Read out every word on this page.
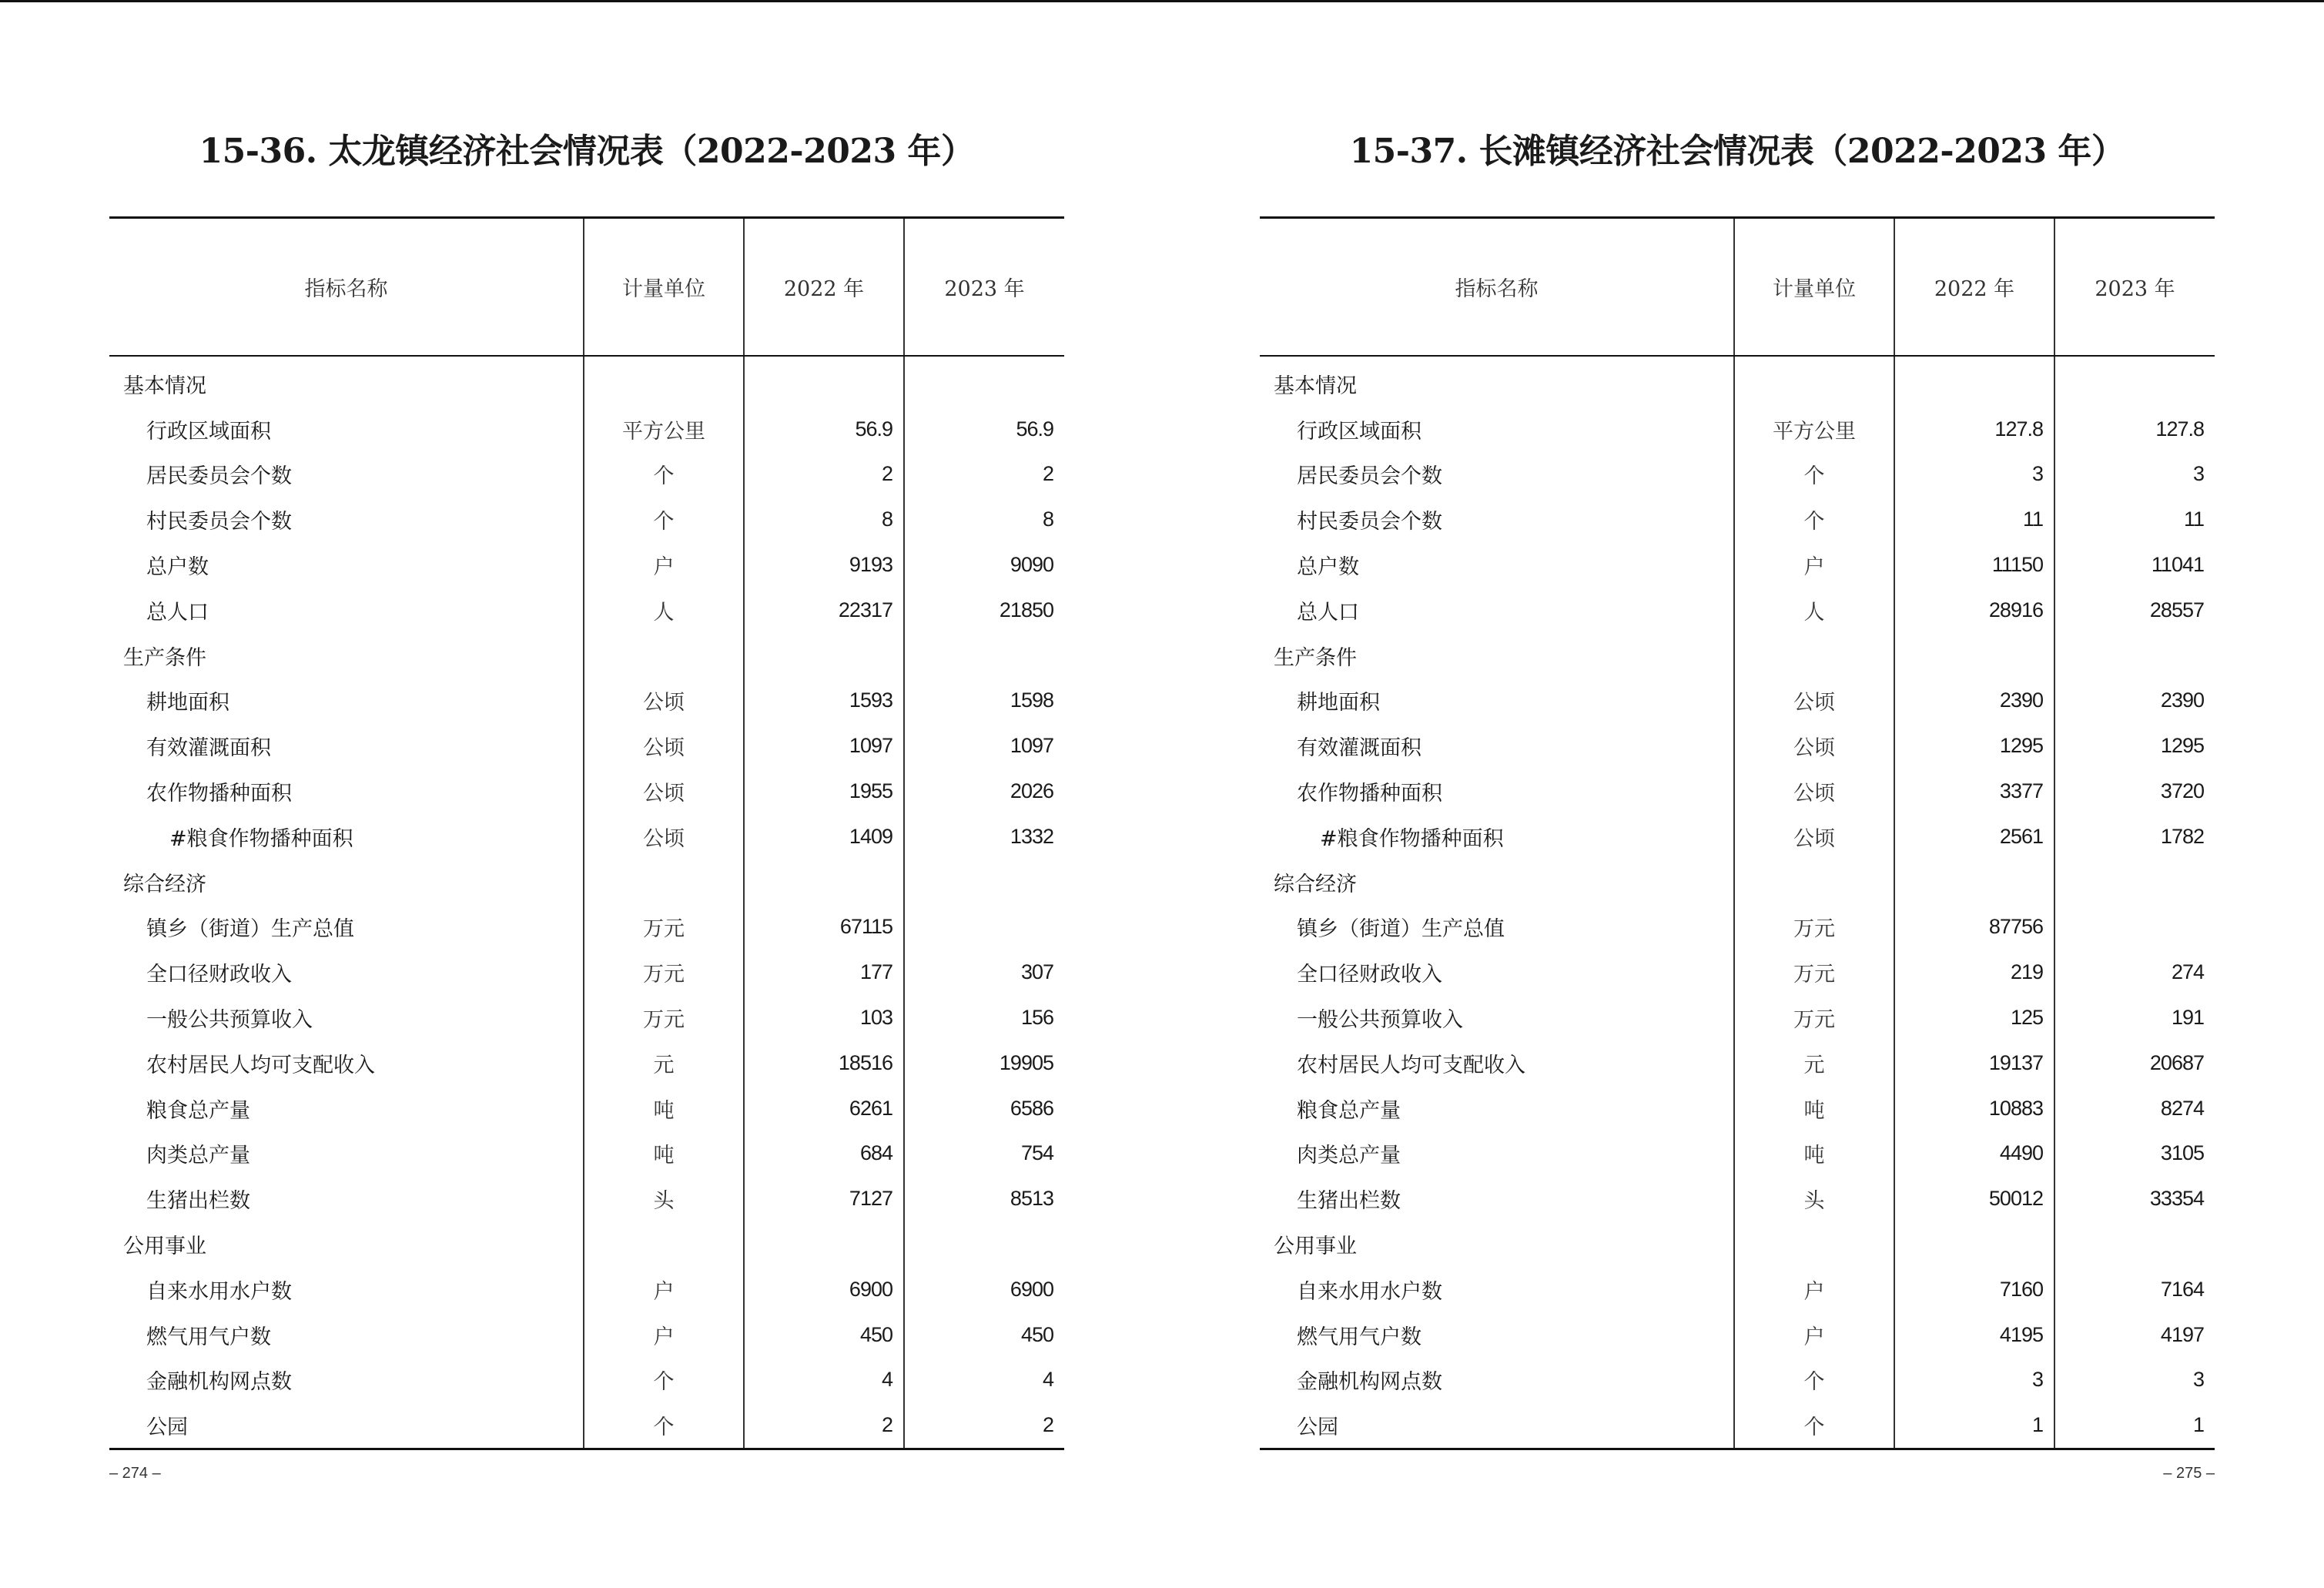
15-36. 太龙镇经济社会情况表（2022-2023 年）
指标名称	计量单位	2022 年	2023 年
基本情况			
行政区域面积	平方公里	56.9	56.9
居民委员会个数	个	2	2
村民委员会个数	个	8	8
总户数	户	9193	9090
总人口	人	22317	21850
生产条件			
耕地面积	公顷	1593	1598
有效灌溉面积	公顷	1097	1097
农作物播种面积	公顷	1955	2026
#粮食作物播种面积	公顷	1409	1332
综合经济			
镇乡（街道）生产总值	万元	67115	
全口径财政收入	万元	177	307
一般公共预算收入	万元	103	156
农村居民人均可支配收入	元	18516	19905
粮食总产量	吨	6261	6586
肉类总产量	吨	684	754
生猪出栏数	头	7127	8513
公用事业			
自来水用水户数	户	6900	6900
燃气用气户数	户	450	450
金融机构网点数	个	4	4
公园	个	2	2
– 274 –
15-37. 长滩镇经济社会情况表（2022-2023 年）
指标名称	计量单位	2022 年	2023 年
基本情况			
行政区域面积	平方公里	127.8	127.8
居民委员会个数	个	3	3
村民委员会个数	个	11	11
总户数	户	11150	11041
总人口	人	28916	28557
生产条件			
耕地面积	公顷	2390	2390
有效灌溉面积	公顷	1295	1295
农作物播种面积	公顷	3377	3720
#粮食作物播种面积	公顷	2561	1782
综合经济			
镇乡（街道）生产总值	万元	87756	
全口径财政收入	万元	219	274
一般公共预算收入	万元	125	191
农村居民人均可支配收入	元	19137	20687
粮食总产量	吨	10883	8274
肉类总产量	吨	4490	3105
生猪出栏数	头	50012	33354
公用事业			
自来水用水户数	户	7160	7164
燃气用气户数	户	4195	4197
金融机构网点数	个	3	3
公园	个	1	1
– 275 –
